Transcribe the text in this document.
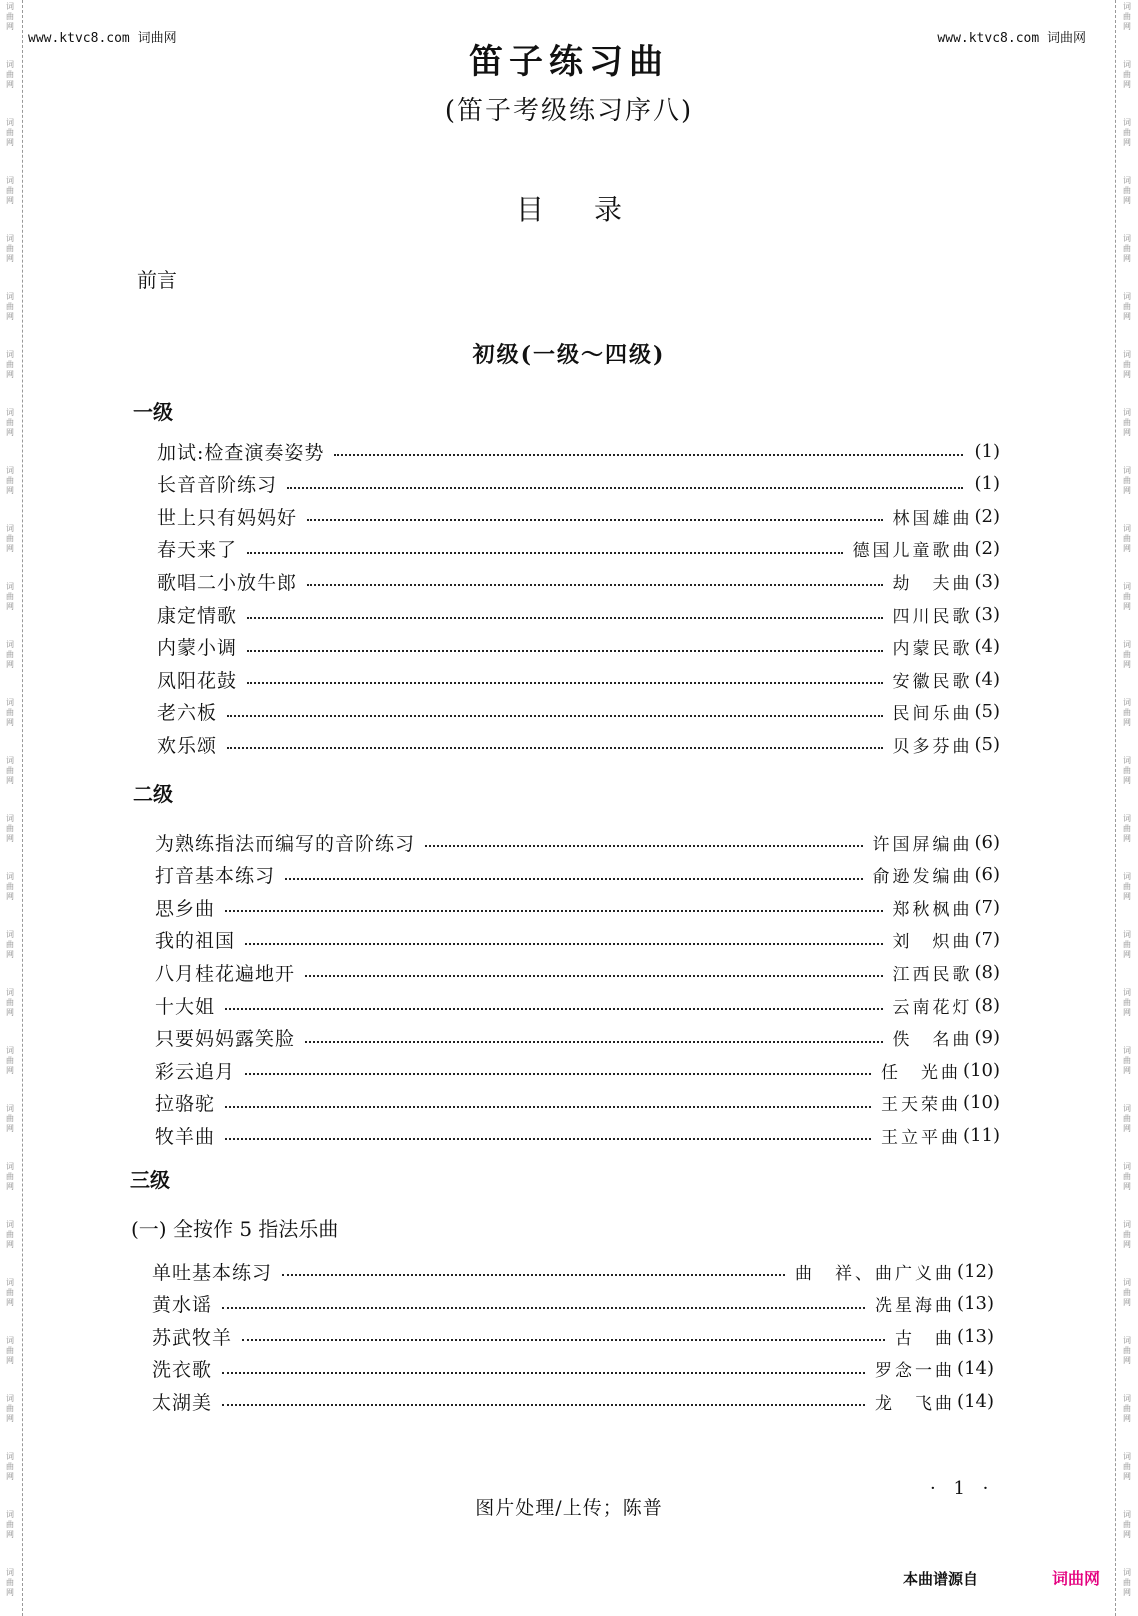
词曲网
词曲网
词曲网
词曲网
词曲网
词曲网
词曲网
词曲网
词曲网
词曲网
词曲网
词曲网
词曲网
词曲网
词曲网
词曲网
词曲网
词曲网
词曲网
词曲网
词曲网
词曲网
词曲网
词曲网
词曲网
词曲网
词曲网
词曲网
词曲网
词曲网
词曲网
词曲网
词曲网
词曲网
词曲网
词曲网
词曲网
词曲网
词曲网
词曲网
词曲网
词曲网
词曲网
词曲网
词曲网
词曲网
词曲网
词曲网
词曲网
词曲网
词曲网
词曲网
词曲网
词曲网
词曲网
词曲网
www.ktvc8.com 词曲网	www.ktvc8.com 词曲网
笛子练习曲
(笛子考级练习序八)
目录
前言
初级(一级～四级)
一级
加试:检查演奏姿势	(1)
长音音阶练习	(1)
世上只有妈妈好	林国雄曲 (2)
春天来了	德国儿童歌曲 (2)
歌唱二小放牛郎	劫　夫曲 (3)
康定情歌	四川民歌 (3)
内蒙小调	内蒙民歌 (4)
凤阳花鼓	安徽民歌 (4)
老六板	民间乐曲 (5)
欢乐颂	贝多芬曲 (5)
二级
为熟练指法而编写的音阶练习	许国屏编曲 (6)
打音基本练习	俞逊发编曲 (6)
思乡曲	郑秋枫曲 (7)
我的祖国	刘　炽曲 (7)
八月桂花遍地开	江西民歌 (8)
十大姐	云南花灯 (8)
只要妈妈露笑脸	佚　名曲 (9)
彩云追月	任　光曲 (10)
拉骆驼	王天荣曲 (10)
牧羊曲	王立平曲 (11)
三级
(一) 全按作 5 指法乐曲
单吐基本练习	曲　祥、曲广义曲 (12)
黄水谣	冼星海曲 (13)
苏武牧羊	古　曲 (13)
洗衣歌	罗念一曲 (14)
太湖美	龙　飞曲 (14)
· 1 ·
图片处理/上传；陈普
本曲谱源自	词曲网
